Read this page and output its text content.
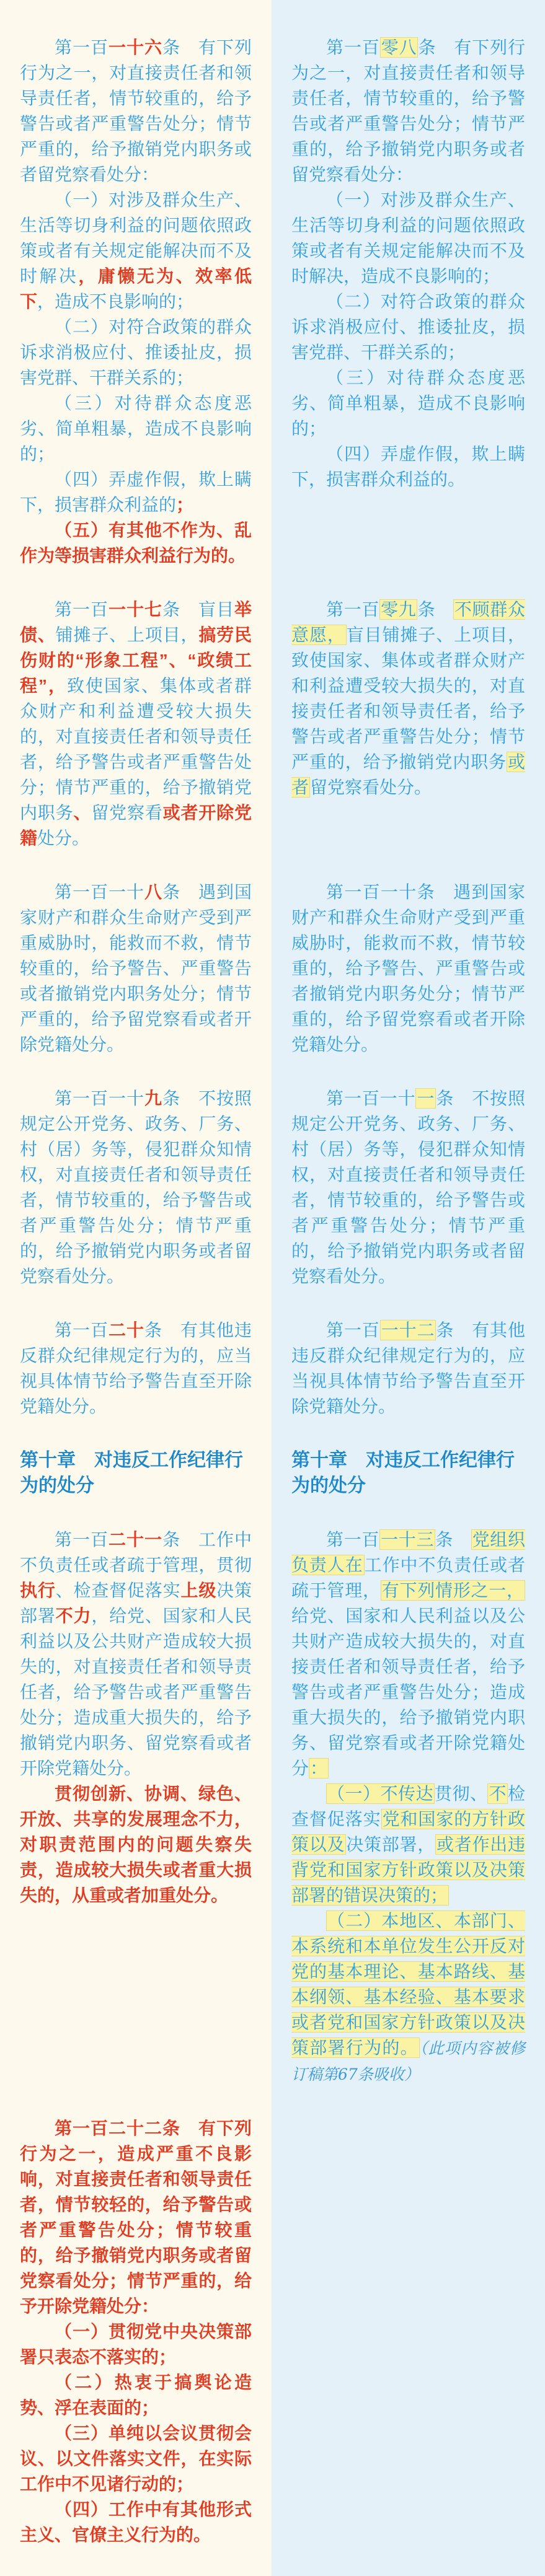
第一百一十六条　有下列行为之一，对直接责任者和领导责任者，情节较重的，给予警告或者严重警告处分；情节严重的，给予撤销党内职务或者留党察看处分：

（一）对涉及群众生产、生活等切身利益的问题依照政策或者有关规定能解决而不及时解决，庸懒无为、效率低下，造成不良影响的；

（二）对符合政策的群众诉求消极应付、推诿扯皮，损害党群、干群关系的；

（三）对待群众态度恶劣、简单粗暴，造成不良影响的；

（四）弄虚作假，欺上瞒下，损害群众利益的；

（五）有其他不作为、乱作为等损害群众利益行为的。

第一百零八条　有下列行为之一，对直接责任者和领导责任者，情节较重的，给予警告或者严重警告处分；情节严重的，给予撤销党内职务或者留党察看处分：

（一）对涉及群众生产、生活等切身利益的问题依照政策或者有关规定能解决而不及时解决，造成不良影响的；

（二）对符合政策的群众诉求消极应付、推诿扯皮，损害党群、干群关系的；

（三）对待群众态度恶劣、简单粗暴，造成不良影响的；

（四）弄虚作假，欺上瞒下，损害群众利益的。

第一百一十七条　盲目举债、铺摊子、上项目，搞劳民伤财的“形象工程”、“政绩工程”，致使国家、集体或者群众财产和利益遭受较大损失的，对直接责任者和领导责任者，给予警告或者严重警告处分；情节严重的，给予撤销党内职务、留党察看或者开除党籍处分。

第一百零九条　不顾群众意愿，盲目铺摊子、上项目，致使国家、集体或者群众财产和利益遭受较大损失的，对直接责任者和领导责任者，给予警告或者严重警告处分；情节严重的，给予撤销党内职务或者留党察看处分。

第一百一十八条　遇到国家财产和群众生命财产受到严重威胁时，能救而不救，情节较重的，给予警告、严重警告或者撤销党内职务处分；情节严重的，给予留党察看或者开除党籍处分。

第一百一十条　遇到国家财产和群众生命财产受到严重威胁时，能救而不救，情节较重的，给予警告、严重警告或者撤销党内职务处分；情节严重的，给予留党察看或者开除党籍处分。

第一百一十九条　不按照规定公开党务、政务、厂务、村（居）务等，侵犯群众知情权，对直接责任者和领导责任者，情节较重的，给予警告或者严重警告处分；情节严重的，给予撤销党内职务或者留党察看处分。

第一百一十一条　不按照规定公开党务、政务、厂务、村（居）务等，侵犯群众知情权，对直接责任者和领导责任者，情节较重的，给予警告或者严重警告处分；情节严重的，给予撤销党内职务或者留党察看处分。

第一百二十条　有其他违反群众纪律规定行为的，应当视具体情节给予警告直至开除党籍处分。

第一百一十二条　有其他违反群众纪律规定行为的，应当视具体情节给予警告直至开除党籍处分。

第十章　对违反工作纪律行为的处分

第十章　对违反工作纪律行为的处分

第一百二十一条　工作中不负责任或者疏于管理，贯彻执行、检查督促落实上级决策部署不力，给党、国家和人民利益以及公共财产造成较大损失的，对直接责任者和领导责任者，给予警告或者严重警告处分；造成重大损失的，给予撤销党内职务、留党察看或者开除党籍处分。

贯彻创新、协调、绿色、开放、共享的发展理念不力，对职责范围内的问题失察失责，造成较大损失或者重大损失的，从重或者加重处分。

第一百一十三条　党组织负责人在工作中不负责任或者疏于管理，有下列情形之一，给党、国家和人民利益以及公共财产造成较大损失的，对直接责任者和领导责任者，给予警告或者严重警告处分；造成重大损失的，给予撤销党内职务、留党察看或者开除党籍处分：

（一）不传达贯彻、不检查督促落实党和国家的方针政策以及决策部署，或者作出违背党和国家方针政策以及决策部署的错误决策的；

（二）本地区、本部门、本系统和本单位发生公开反对党的基本理论、基本路线、基本纲领、基本经验、基本要求或者党和国家方针政策以及决策部署行为的。（此项内容被修订稿第67条吸收）

第一百二十二条　有下列行为之一，造成严重不良影响，对直接责任者和领导责任者，情节较轻的，给予警告或者严重警告处分；情节较重的，给予撤销党内职务或者留党察看处分；情节严重的，给予开除党籍处分：

（一）贯彻党中央决策部署只表态不落实的；

（二）热衷于搞舆论造势、浮在表面的；

（三）单纯以会议贯彻会议、以文件落实文件，在实际工作中不见诸行动的；

（四）工作中有其他形式主义、官僚主义行为的。
